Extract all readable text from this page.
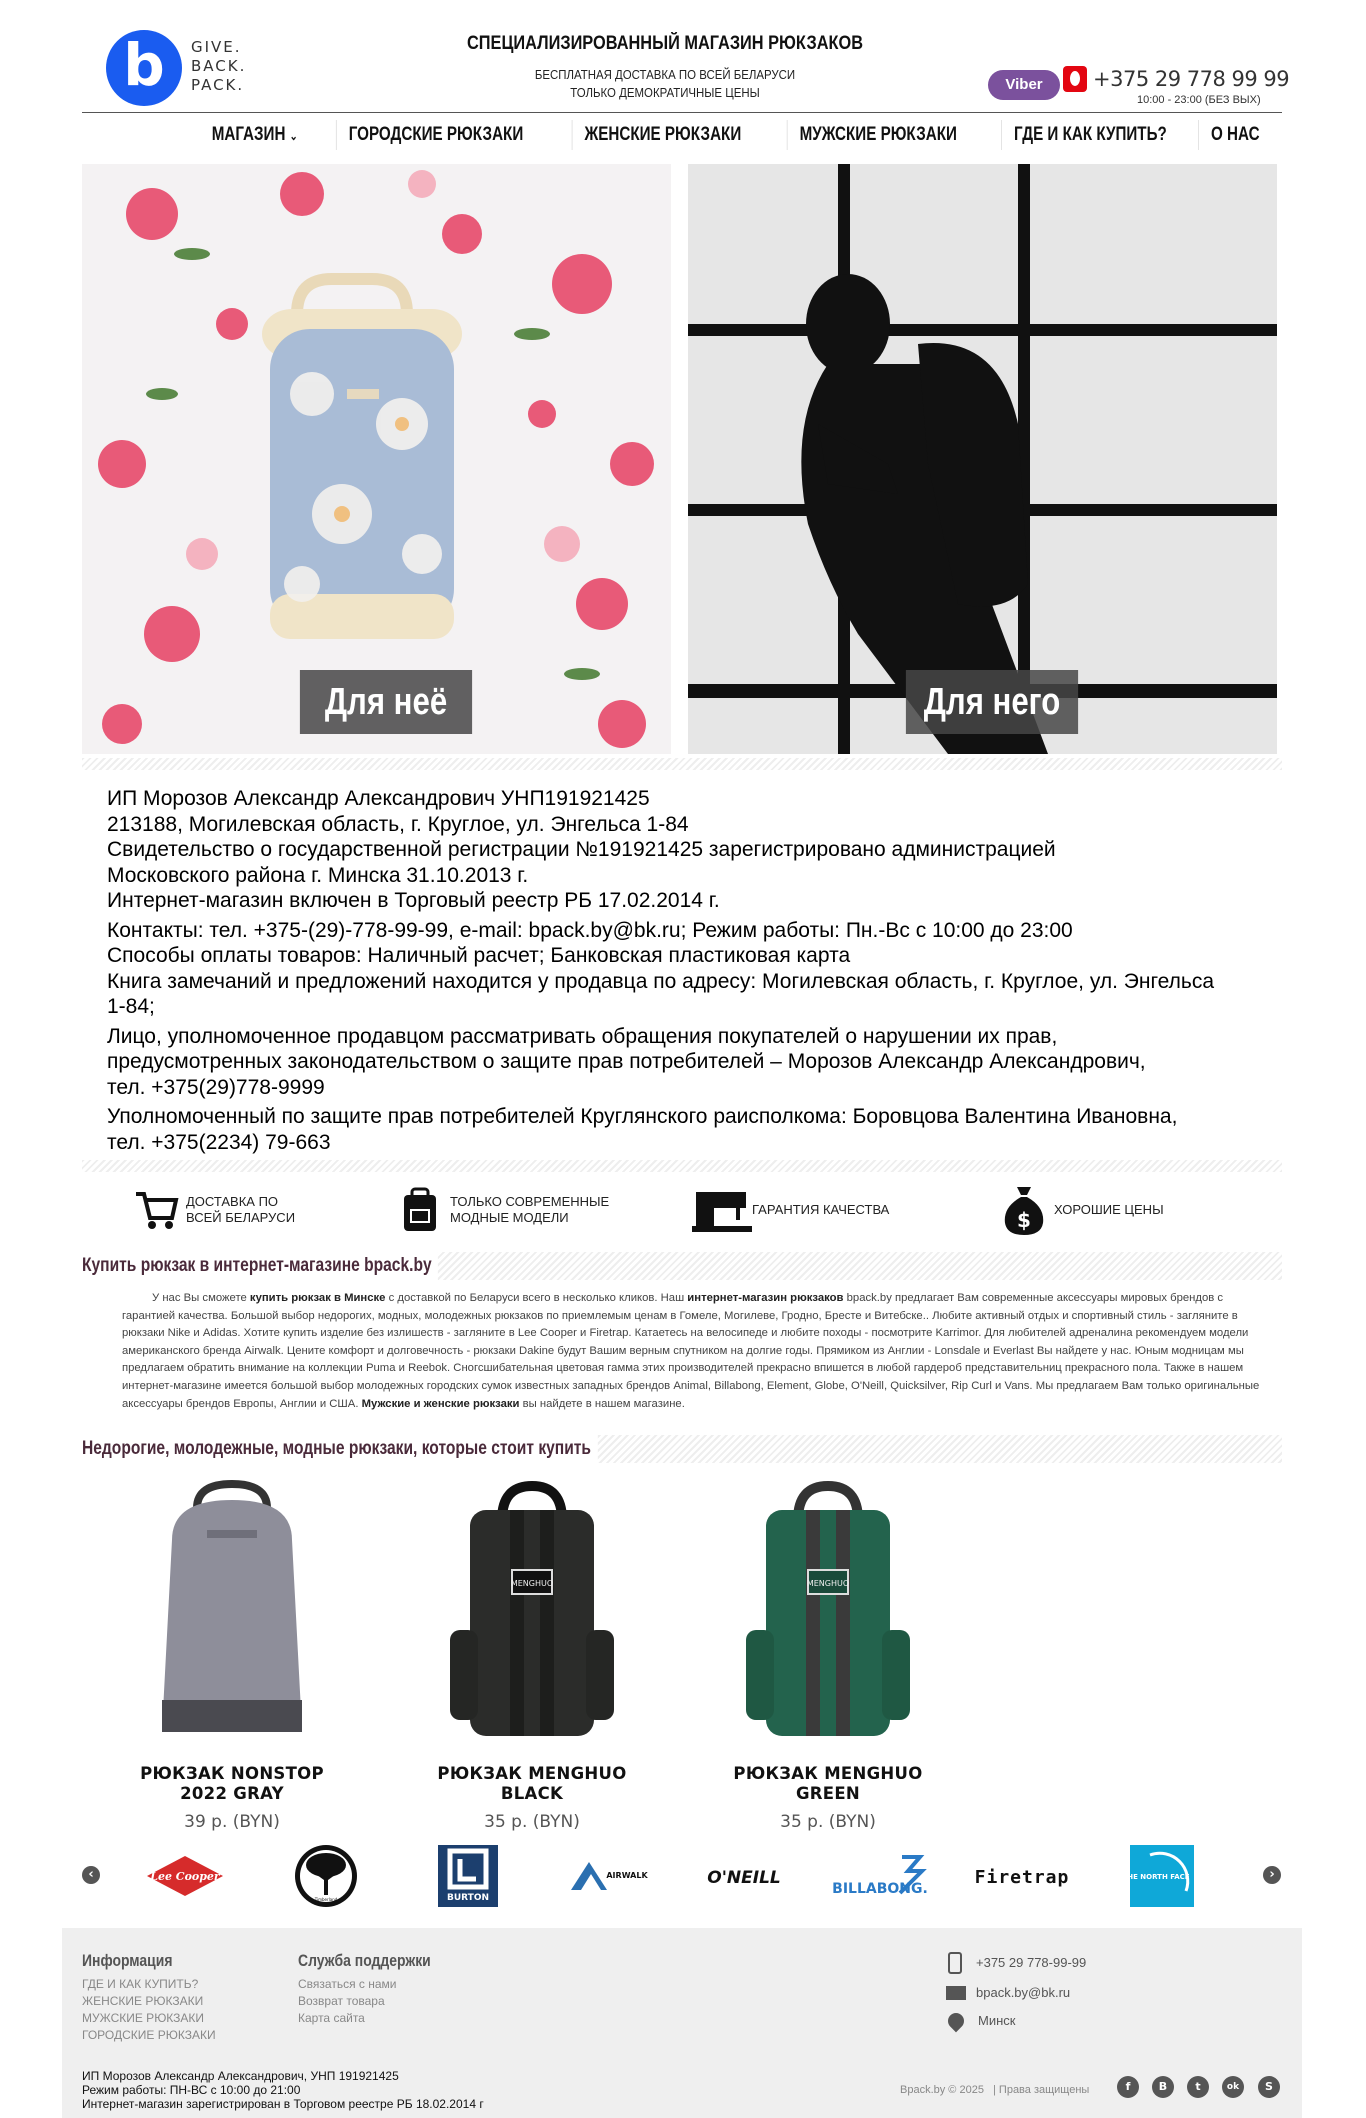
b	GIVE.
BACK.
PACK.
СПЕЦИАЛИЗИРОВАННЫЙ МАГАЗИН РЮКЗАКОВ
БЕСПЛАТНАЯ ДОСТАВКА ПО ВСЕЙ БЕЛАРУСИ
ТОЛЬКО ДЕМОКРАТИЧНЫЕ ЦЕНЫ	Viber	+375 29 778 99 99
10:00 - 23:00 (БЕЗ ВЫХ)
МАГАЗИН ⌄	ГОРОДСКИЕ РЮКЗАКИ	ЖЕНСКИЕ РЮКЗАКИ	МУЖСКИЕ РЮКЗАКИ	ГДЕ И КАК КУПИТЬ?	О НАС
Для неё	Для него

ИП Морозов Александр Александрович УНП191921425

213188, Могилевская область, г. Круглое, ул. Энгельса 1-84

Свидетельство о государственной регистрации №191921425 зарегистрировано администрацией

Московского района г. Минска 31.10.2013 г.

Интернет-магазин включен в Торговый реестр РБ 17.02.2014 г.

Контакты: тел. +375-(29)-778-99-99, e-mail: bpack.by@bk.ru; Режим работы: Пн.-Вс с 10:00 до 23:00

Способы оплаты товаров: Наличный расчет; Банковская пластиковая карта

Книга замечаний и предложений находится у продавца по адресу: Могилевская область, г. Круглое, ул. Энгельса

1-84;

Лицо, уполномоченное продавцом рассматривать обращения покупателей о нарушении их прав,

предусмотренных законодательством о защите прав потребителей – Морозов Александр Александрович,

тел. +375(29)778-9999

Уполномоченный по защите прав потребителей Круглянского раисполкома: Боровцова Валентина Ивановна,

тел. +375(2234) 79-663

ДОСТАВКА ПО
ВСЕЙ БЕЛАРУСИ
ТОЛЬКО СОВРЕМЕННЫЕ
МОДНЫЕ МОДЕЛИ
ГАРАНТИЯ КАЧЕСТВА	$ ХОРОШИЕ ЦЕНЫ
Купить рюкзак в интернет-магазине bpack.by
У нас Вы сможете купить рюкзак в Минске с доставкой по Беларуси всего в несколько кликов. Наш интернет-магазин рюкзаков bpack.by предлагает Вам современные аксессуары мировых брендов с гарантией качества. Большой выбор недорогих, модных, молодежных рюкзаков по приемлемым ценам в Гомеле, Могилеве, Гродно, Бресте и Витебске.. Любите активный отдых и спортивный стиль - загляните в рюкзаки Nike и Adidas. Хотите купить изделие без излишеств - загляните в Lee Cooper и Firetrap. Катаетесь на велосипеде и любите походы - посмотрите Karrimor. Для любителей адреналина рекомендуем модели американского бренда Airwalk. Цените комфорт и долговечность - рюкзаки Dakine будут Вашим верным спутником на долгие годы. Прямиком из Англии - Lonsdale и Everlast Вы найдете у нас. Юным модницам мы предлагаем обратить внимание на коллекции Puma и Reebok. Сногсшибательная цветовая гамма этих производителей прекрасно впишется в любой гардероб представительниц прекрасного пола. Также в нашем интернет-магазине имеется большой выбор молодежных городских сумок известных западных брендов Animal, Billabong, Element, Globe, O'Neill, Quicksilver, Rip Curl и Vans. Мы предлагаем Вам только оригинальные аксессуары брендов Европы, Англии и США. Мужские и женские рюкзаки вы найдете в нашем магазине.
Недорогие, молодежные, модные рюкзаки, которые стоит купить
РЮКЗАК NONSTOP 2022 GRAY
39 р. (BYN)
MENGHUO
РЮКЗАК MENGHUO BLACK
35 р. (BYN)
MENGHUO
РЮКЗАК MENGHUO GREEN
35 р. (BYN)
‹	›
Lee Cooper
Timberland	BURTON
AIRWALK	O'NEILL
BILLABONG.
Firetrap	THE NORTH FACE
Информация
ГДЕ И КАК КУПИТЬ?
ЖЕНСКИЕ РЮКЗАКИ
МУЖСКИЕ РЮКЗАКИ
ГОРОДСКИЕ РЮКЗАКИ
Служба поддержки
Связаться с нами
Возврат товара
Карта сайта
+375 29 778-99-99
bpack.by@bk.ru
Минск
ИП Морозов Александр Александрович, УНП 191921425
Режим работы: ПН-ВС с 10:00 до 21:00
Интернет-магазин зарегистрирован в Торговом реестре РБ 18.02.2014 г
Bpack.by © 2025 | Права защищены	f	B	t	ok	S
